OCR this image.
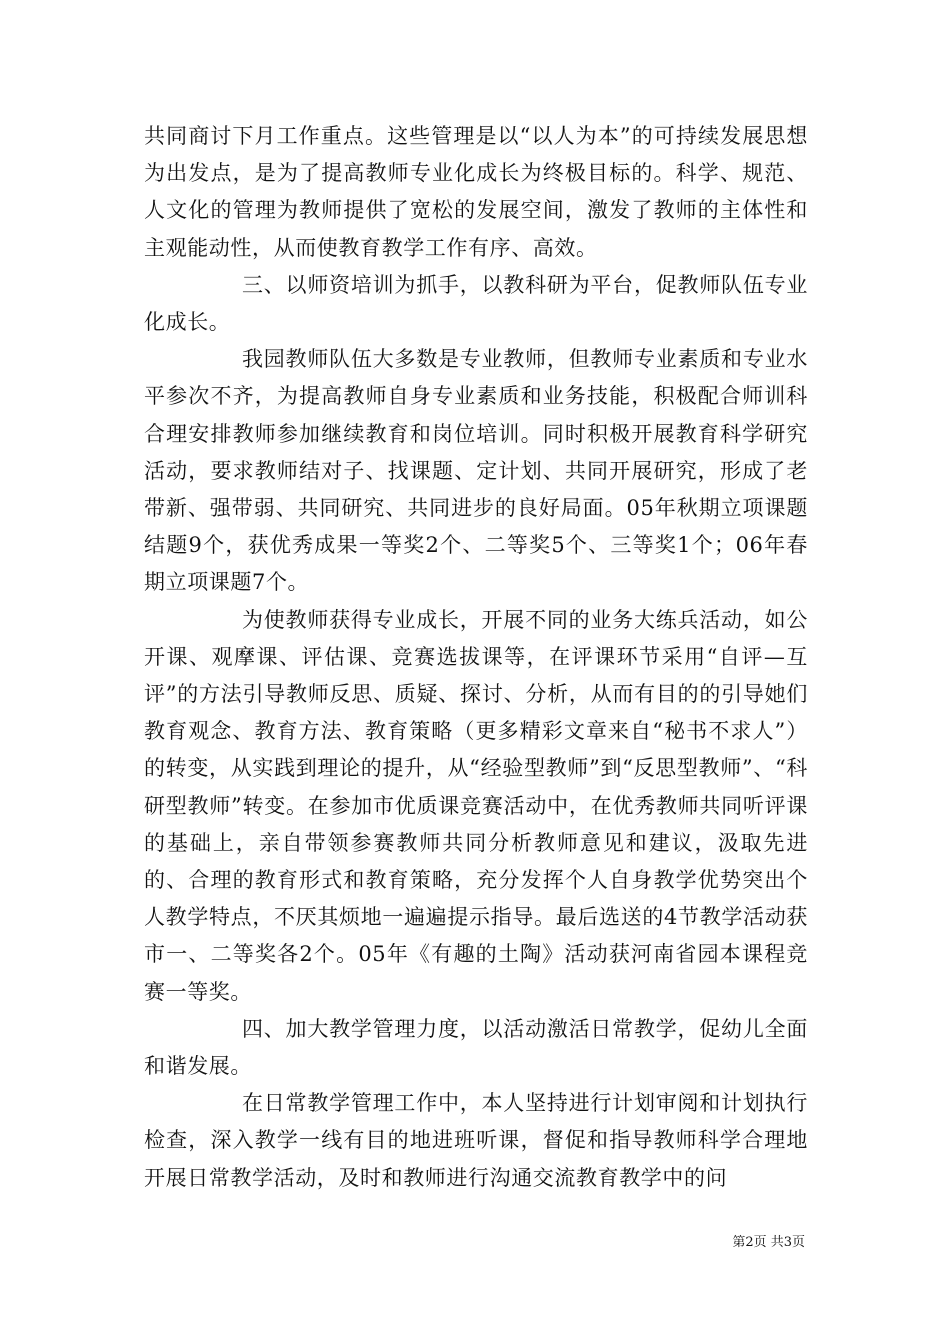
共同商讨下月工作重点。这些管理是以“以人为本”的可持续发展思想为出发点，是为了提高教师专业化成长为终极目标的。科学、规范、人文化的管理为教师提供了宽松的发展空间，激发了教师的主体性和主观能动性，从而使教育教学工作有序、高效。

三、以师资培训为抓手，以教科研为平台，促教师队伍专业化成长。

我园教师队伍大多数是专业教师，但教师专业素质和专业水平参次不齐，为提高教师自身专业素质和业务技能，积极配合师训科合理安排教师参加继续教育和岗位培训。同时积极开展教育科学研究活动，要求教师结对子、找课题、定计划、共同开展研究，形成了老带新、强带弱、共同研究、共同进步的良好局面。05年秋期立项课题结题9个，获优秀成果一等奖2个、二等奖5个、三等奖1个；06年春期立项课题7个。

为使教师获得专业成长，开展不同的业务大练兵活动，如公开课、观摩课、评估课、竞赛选拔课等，在评课环节采用“自评—互评”的方法引导教师反思、质疑、探讨、分析，从而有目的的引导她们教育观念、教育方法、教育策略（更多精彩文章来自“秘书不求人”）的转变，从实践到理论的提升，从“经验型教师”到“反思型教师”、“科研型教师”转变。在参加市优质课竞赛活动中，在优秀教师共同听评课的基础上，亲自带领参赛教师共同分析教师意见和建议，汲取先进的、合理的教育形式和教育策略，充分发挥个人自身教学优势突出个人教学特点，不厌其烦地一遍遍提示指导。最后选送的4节教学活动获市一、二等奖各2个。05年《有趣的土陶》活动获河南省园本课程竞赛一等奖。

四、加大教学管理力度，以活动激活日常教学，促幼儿全面和谐发展。

在日常教学管理工作中，本人坚持进行计划审阅和计划执行检查，深入教学一线有目的地进班听课，督促和指导教师科学合理地开展日常教学活动，及时和教师进行沟通交流教育教学中的问

第2页 共3页
